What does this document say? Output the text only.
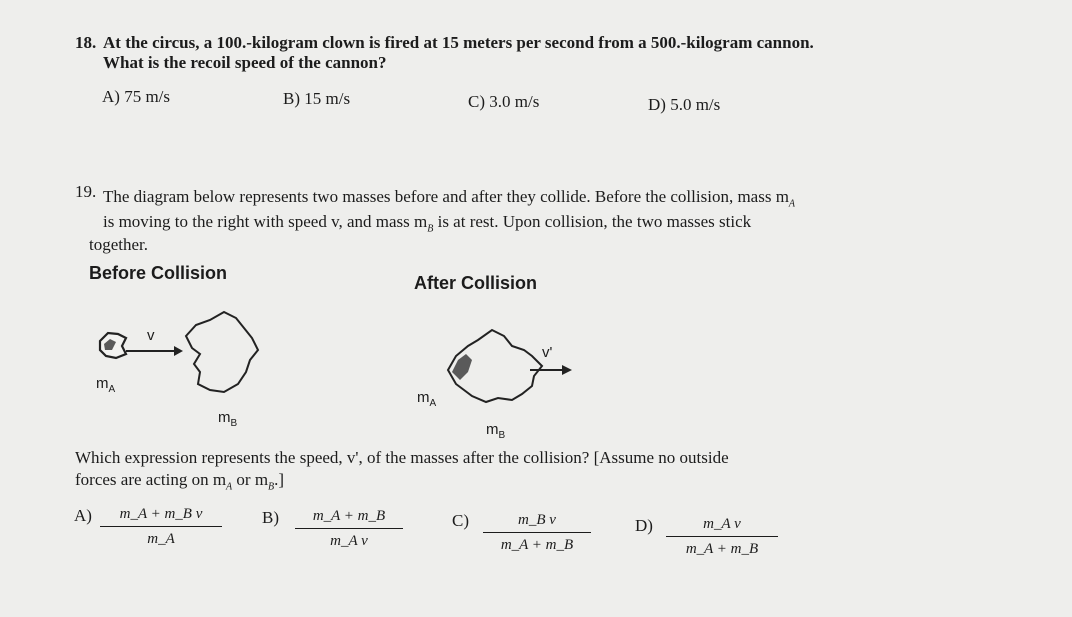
18. At the circus, a 100.-kilogram clown is fired at 15 meters per second from a 500.-kilogram cannon.
What is the recoil speed of the cannon?
A) 75 m/s	B) 15 m/s	C) 3.0 m/s	D) 5.0 m/s
19. The diagram below represents two masses before and after they collide. Before the collision, mass $m_A$
is moving to the right with speed v, and mass $m_B$ is at rest. Upon collision, the two masses stick
together.
Before Collision	After Collision
v
$m_A$
$m_B$
v'
$m_A$
$m_B$
Which expression represents the speed, v', of the masses after the collision? [Assume no outside
forces are acting on $m_A$ or $m_B$.]
A)	m_A + m_B v
m_A
B)	m_A + m_B
m_A v
C)	m_B v
m_A + m_B
D)	m_A v
m_A + m_B
